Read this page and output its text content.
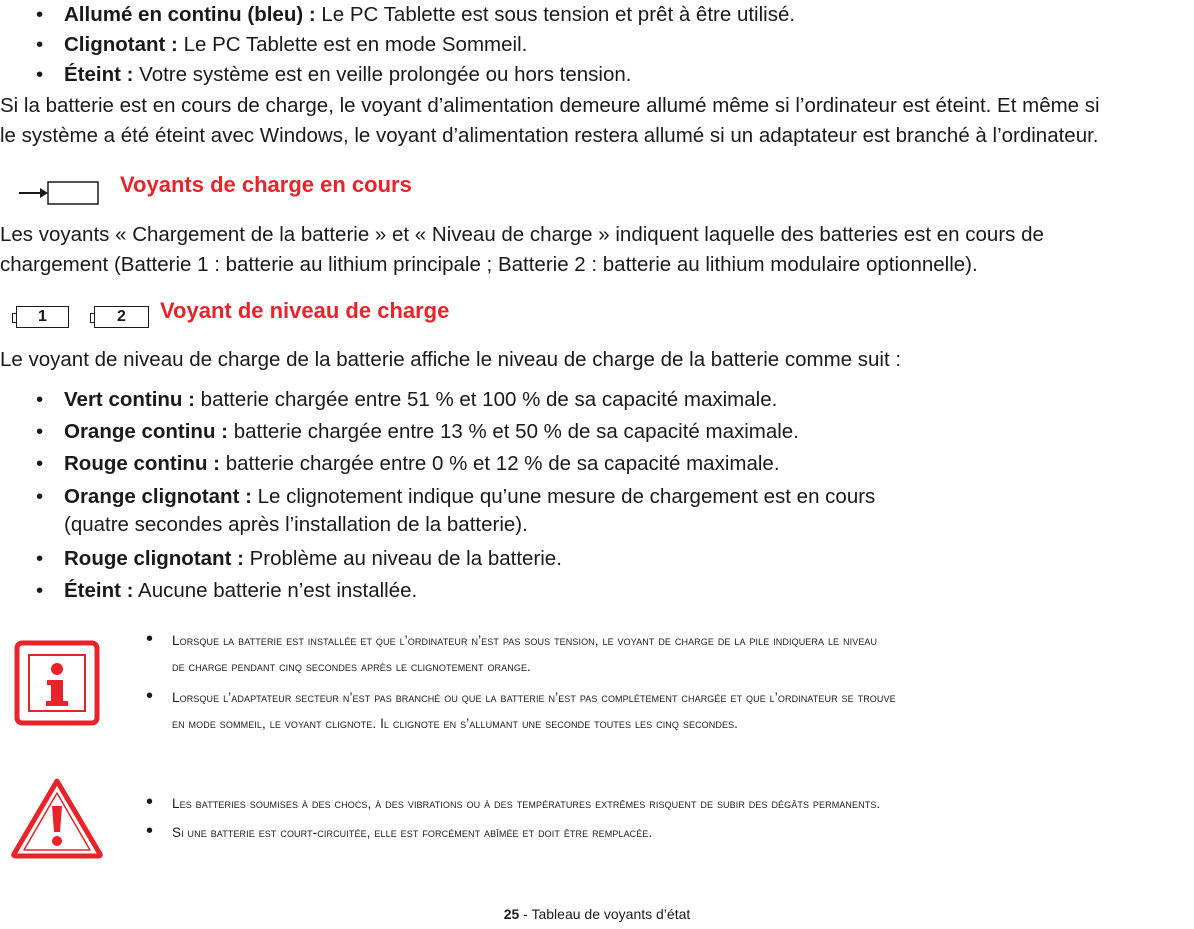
• Allumé en continu (bleu) : Le PC Tablette est sous tension et prêt à être utilisé.
• Clignotant : Le PC Tablette est en mode Sommeil.
• Éteint : Votre système est en veille prolongée ou hors tension.
Si la batterie est en cours de charge, le voyant d’alimentation demeure allumé même si l’ordinateur est éteint. Et même si
le système a été éteint avec Windows, le voyant d’alimentation restera allumé si un adaptateur est branché à l’ordinateur.
Voyants de charge en cours
Les voyants « Chargement de la batterie » et « Niveau de charge » indiquent laquelle des batteries est en cours de
chargement (Batterie 1 : batterie au lithium principale ; Batterie 2 : batterie au lithium modulaire optionnelle).
1	2	Voyant de niveau de charge
Le voyant de niveau de charge de la batterie affiche le niveau de charge de la batterie comme suit :
• Vert continu : batterie chargée entre 51 % et 100 % de sa capacité maximale.
• Orange continu : batterie chargée entre 13 % et 50 % de sa capacité maximale.
• Rouge continu : batterie chargée entre 0 % et 12 % de sa capacité maximale.
• Orange clignotant : Le clignotement indique qu’une mesure de chargement est en cours
(quatre secondes après l’installation de la batterie).
• Rouge clignotant : Problème au niveau de la batterie.
• Éteint : Aucune batterie n’est installée.
• Lorsque la batterie est installée et que l’ordinateur n’est pas sous tension, le voyant de charge de la pile indiquera le niveau
de charge pendant cinq secondes après le clignotement orange.
• Lorsque l’adaptateur secteur n’est pas branché ou que la batterie n’est pas complètement chargée et que l’ordinateur se trouve
en mode sommeil, le voyant clignote. Il clignote en s’allumant une seconde toutes les cinq secondes.
• Les batteries soumises à des chocs, à des vibrations ou à des températures extrêmes risquent de subir des dégâts permanents.
• Si une batterie est court-circuitée, elle est forcément abîmée et doit être remplacée.
25 - Tableau de voyants d’état
